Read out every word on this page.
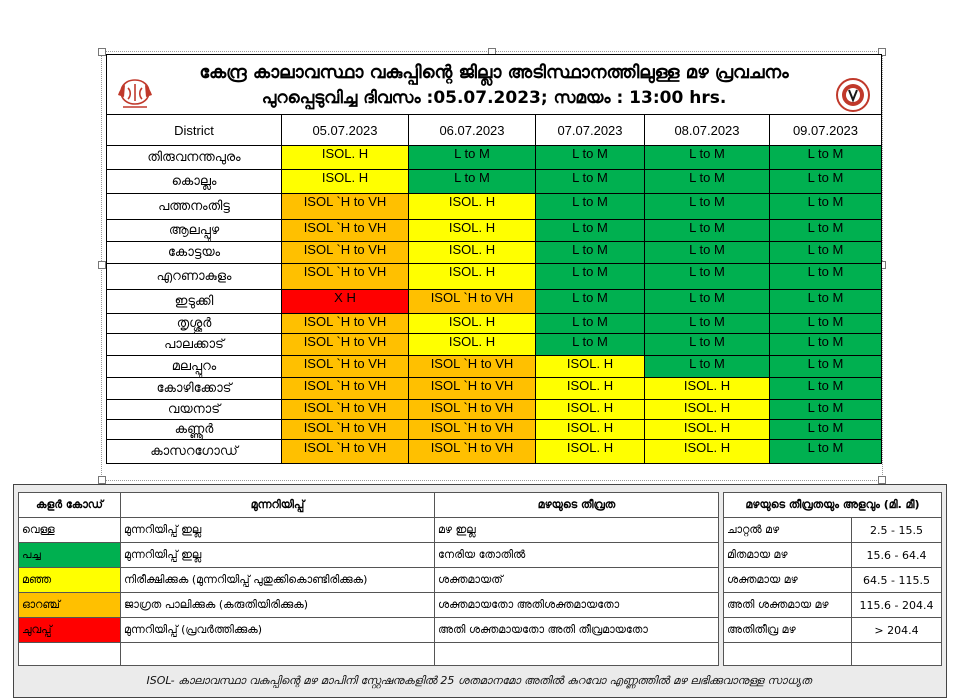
കേന്ദ്ര കാലാവസ്ഥാ വകുപ്പിന്റെ ജില്ലാ അടിസ്ഥാനത്തിലുള്ള മഴ പ്രവചനം
പുറപ്പെടുവിച്ച ദിവസം :05.07.2023; സമയം : 13:00 hrs.
District	05.07.2023	06.07.2023	07.07.2023	08.07.2023	09.07.2023
തിരുവനന്തപുരം	ISOL. H	L to M	L to M	L to M	L to M
കൊല്ലം	ISOL. H	L to M	L to M	L to M	L to M
പത്തനംതിട്ട	ISOL `H to VH	ISOL. H	L to M	L to M	L to M
ആലപ്പുഴ	ISOL `H to VH	ISOL. H	L to M	L to M	L to M
കോട്ടയം	ISOL `H to VH	ISOL. H	L to M	L to M	L to M
എറണാകുളം	ISOL `H to VH	ISOL. H	L to M	L to M	L to M
ഇടുക്കി	X H	ISOL `H to VH	L to M	L to M	L to M
തൃശ്ശൂർ	ISOL `H to VH	ISOL. H	L to M	L to M	L to M
പാലക്കാട്	ISOL `H to VH	ISOL. H	L to M	L to M	L to M
മലപ്പുറം	ISOL `H to VH	ISOL `H to VH	ISOL. H	L to M	L to M
കോഴിക്കോട്	ISOL `H to VH	ISOL `H to VH	ISOL. H	ISOL. H	L to M
വയനാട്	ISOL `H to VH	ISOL `H to VH	ISOL. H	ISOL. H	L to M
കണ്ണൂർ	ISOL `H to VH	ISOL `H to VH	ISOL. H	ISOL. H	L to M
കാസറഗോഡ്	ISOL `H to VH	ISOL `H to VH	ISOL. H	ISOL. H	L to M
കളർ കോഡ്	മുന്നറിയിപ്പ്	മഴയുടെ തീവ്രത
വെള്ള	മുന്നറിയിപ്പ് ഇല്ല	മഴ ഇല്ല
പച്ച	മുന്നറിയിപ്പ് ഇല്ല	നേരിയ തോതിൽ
മഞ്ഞ	നിരീക്ഷിക്കുക (മുന്നറിയിപ്പ് പുതുക്കികൊണ്ടിരിക്കുക)	ശക്തമായത്
ഓറഞ്ച്	ജാഗ്രത പാലിക്കുക (കരുതിയിരിക്കുക)	ശക്തമായതോ അതിശക്തമായതോ
ചുവപ്പ്	മുന്നറിയിപ്പ് (പ്രവർത്തിക്കുക)	അതി ശക്തമായതോ അതി തീവ്രമായതോ

മഴയുടെ തീവ്രതയും അളവും (മി. മീ)	
ചാറ്റൽ മഴ	2.5 - 15.5
മിതമായ മഴ	15.6 - 64.4
ശക്തമായ മഴ	64.5 - 115.5
അതി ശക്തമായ മഴ	115.6 - 204.4
അതിതീവ്ര മഴ	> 204.4

ISOL- കാലാവസ്ഥാ വകുപ്പിന്റെ മഴ മാപിനി സ്റ്റേഷനുകളിൽ 25 ശതമാനമോ അതിൽ കുറവോ എണ്ണത്തിൽ മഴ ലഭിക്കുവാനുള്ള സാധ്യത
